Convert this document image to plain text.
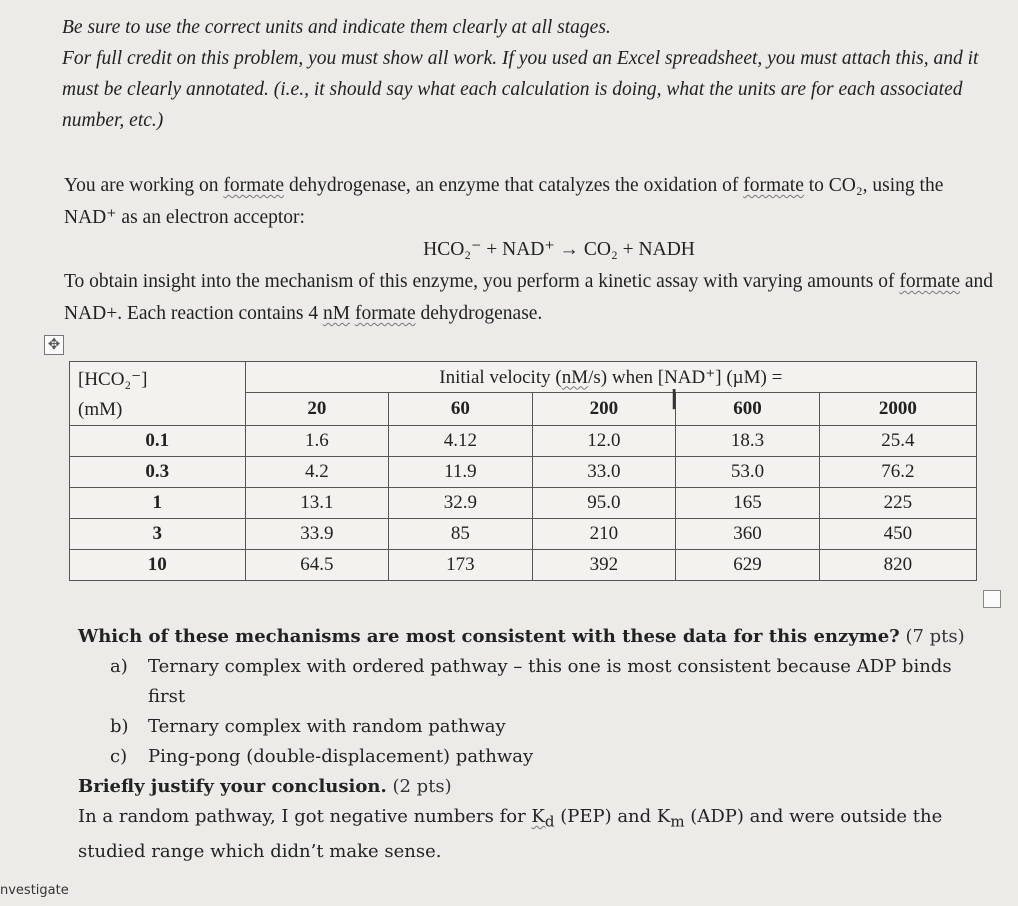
Be sure to use the correct units and indicate them clearly at all stages.
For full credit on this problem, you must show all work. If you used an Excel spreadsheet, you must attach this, and it must be clearly annotated. (i.e., it should say what each calculation is doing, what the units are for each associated number, etc.)
You are working on formate dehydrogenase, an enzyme that catalyzes the oxidation of formate to CO₂, using the NAD⁺ as an electron acceptor:
HCO₂⁻ + NAD⁺ → CO₂ + NADH
To obtain insight into the mechanism of this enzyme, you perform a kinetic assay with varying amounts of formate and NAD+. Each reaction contains 4 nM formate dehydrogenase.
✥
[HCO₂⁻]
(mM)	Initial velocity (nM/s) when [NAD⁺] (µM) =				
	20	60	200	600	2000
0.1	1.6	4.12	12.0	18.3	25.4
0.3	4.2	11.9	33.0	53.0	76.2
1	13.1	32.9	95.0	165	225
3	33.9	85	210	360	450
10	64.5	173	392	629	820
I
Which of these mechanisms are most consistent with these data for this enzyme? (7 pts)
a) Ternary complex with ordered pathway – this one is most consistent because ADP binds first
b) Ternary complex with random pathway
c) Ping-pong (double-displacement) pathway
Briefly justify your conclusion. (2 pts)
In a random pathway, I got negative numbers for $K_d$ (PEP) and $K_m$ (ADP) and were outside the studied range which didn’t make sense.
nvestigate
